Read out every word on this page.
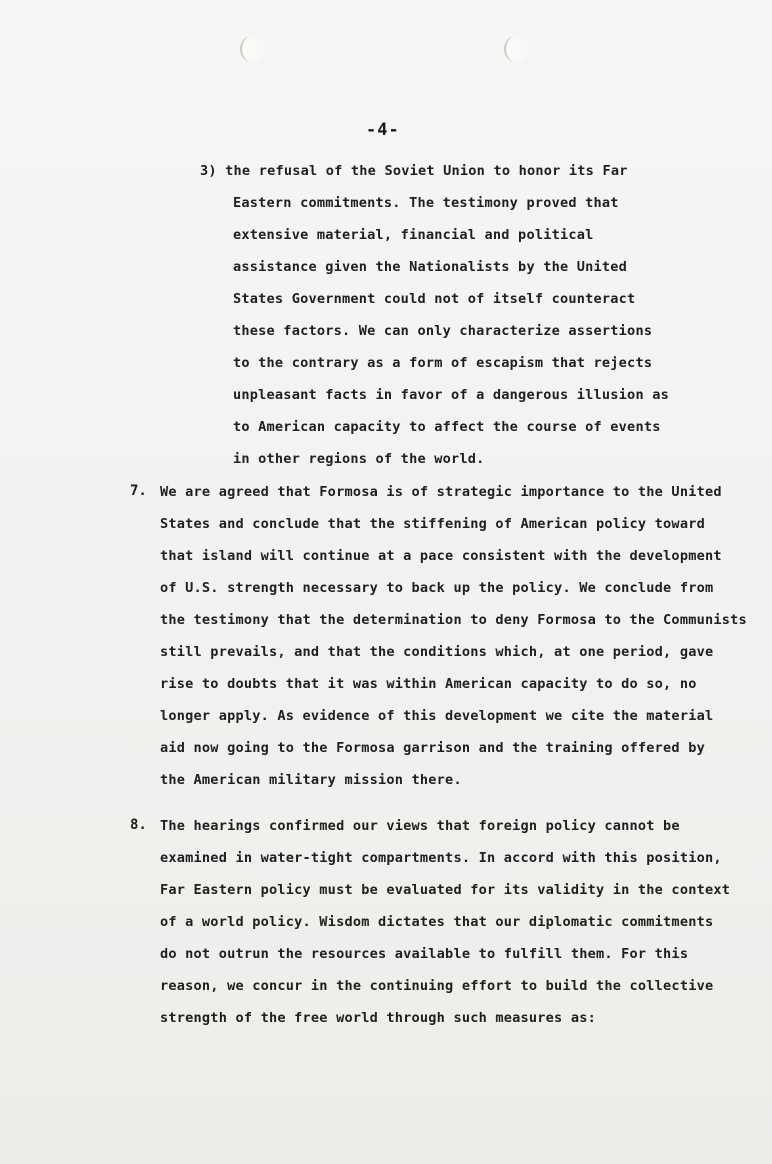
-4-
3) the refusal of the Soviet Union to honor its Far
Eastern commitments. The testimony proved that
extensive material, financial and political
assistance given the Nationalists by the United
States Government could not of itself counteract
these factors. We can only characterize assertions
to the contrary as a form of escapism that rejects
unpleasant facts in favor of a dangerous illusion as
to American capacity to affect the course of events
in other regions of the world.
7. We are agreed that Formosa is of strategic importance to the United
States and conclude that the stiffening of American policy toward
that island will continue at a pace consistent with the development
of U.S. strength necessary to back up the policy. We conclude from
the testimony that the determination to deny Formosa to the Communists
still prevails, and that the conditions which, at one period, gave
rise to doubts that it was within American capacity to do so, no
longer apply. As evidence of this development we cite the material
aid now going to the Formosa garrison and the training offered by
the American military mission there.
8. The hearings confirmed our views that foreign policy cannot be
examined in water-tight compartments. In accord with this position,
Far Eastern policy must be evaluated for its validity in the context
of a world policy. Wisdom dictates that our diplomatic commitments
do not outrun the resources available to fulfill them. For this
reason, we concur in the continuing effort to build the collective
strength of the free world through such measures as:
